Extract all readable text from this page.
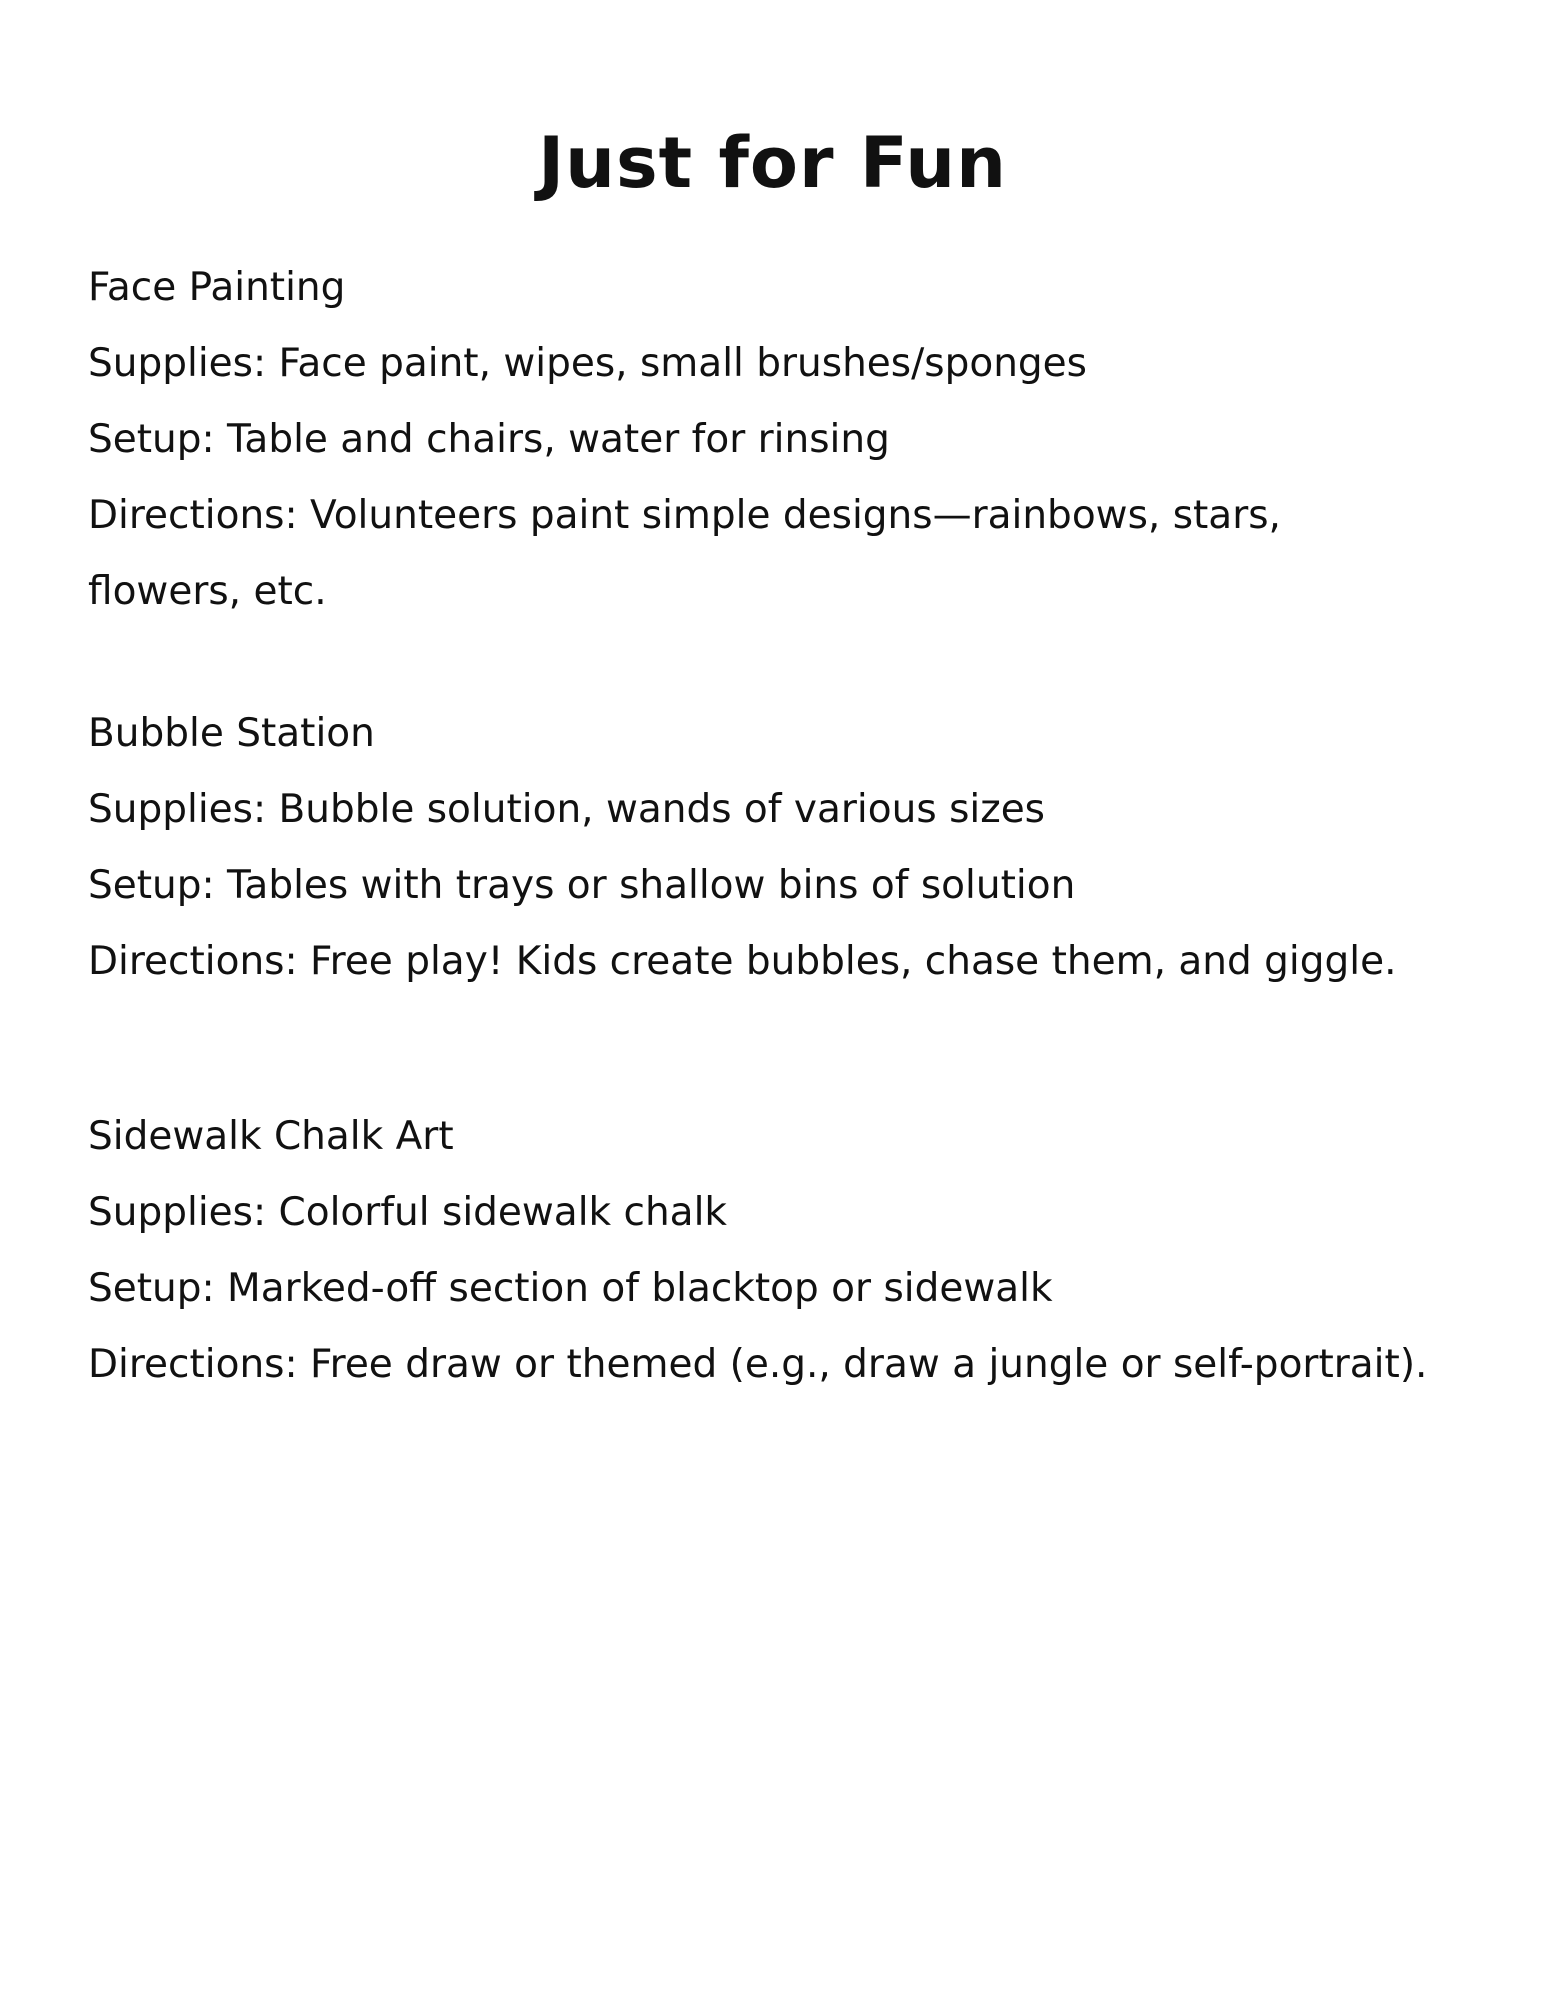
Just for Fun

Face Painting

Supplies: Face paint, wipes, small brushes/sponges

Setup: Table and chairs, water for rinsing

Directions: Volunteers paint simple designs—rainbows, stars, flowers, etc.

Bubble Station

Supplies: Bubble solution, wands of various sizes

Setup: Tables with trays or shallow bins of solution

Directions: Free play! Kids create bubbles, chase them, and giggle.

Sidewalk Chalk Art

Supplies: Colorful sidewalk chalk

Setup: Marked-off section of blacktop or sidewalk

Directions: Free draw or themed (e.g., draw a jungle or self-portrait).
